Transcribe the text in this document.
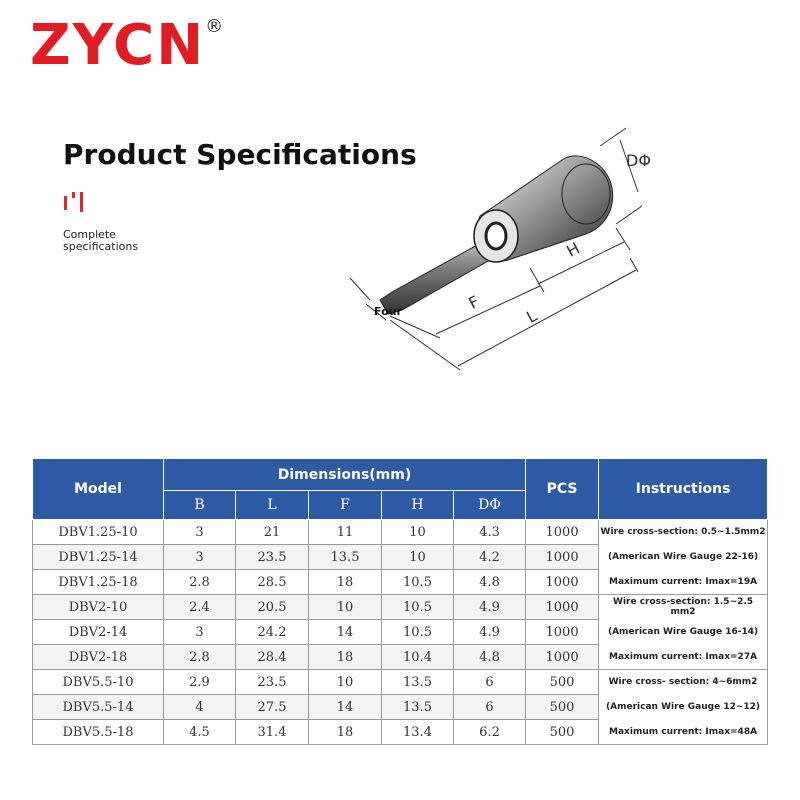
ZYCN ®
Product Specifications
Complete specifications
DΦ
H
F
L
Four
Model	Dimensions(mm)					PCS	Instructions
	B	L	F	H	DΦ		
DBV1.25-10	3	21	11	10	4.3	1000	Wire cross-section: 0.5~1.5mm2
DBV1.25-14	3	23.5	13.5	10	4.2	1000	(American Wire Gauge 22-16)
DBV1.25-18	2.8	28.5	18	10.5	4.8	1000	Maximum current: Imax=19A
DBV2-10	2.4	20.5	10	10.5	4.9	1000	Wire cross-section: 1.5~2.5 mm2
DBV2-14	3	24.2	14	10.5	4.9	1000	(American Wire Gauge 16-14)
DBV2-18	2.8	28.4	18	10.4	4.8	1000	Maximum current: Imax=27A
DBV5.5-10	2.9	23.5	10	13.5	6	500	Wire cross- section: 4~6mm2
DBV5.5-14	4	27.5	14	13.5	6	500	(American Wire Gauge 12~12)
DBV5.5-18	4.5	31.4	18	13.4	6.2	500	Maximum current: Imax=48A
